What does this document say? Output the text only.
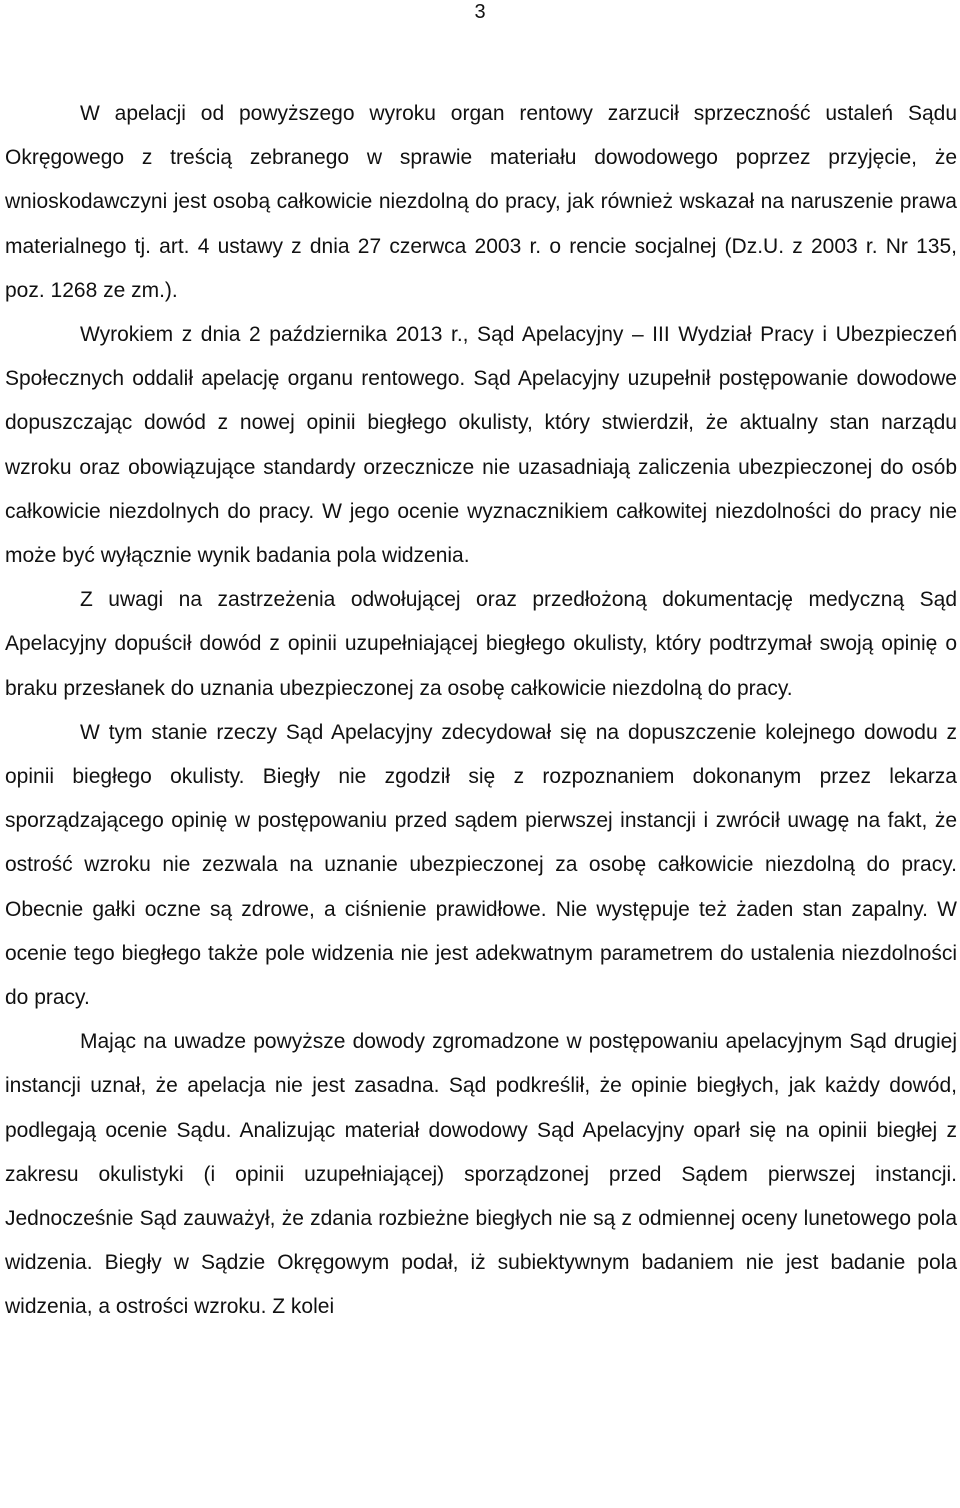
3

W apelacji od powyższego wyroku organ rentowy zarzucił sprzeczność ustaleń Sądu Okręgowego z treścią zebranego w sprawie materiału dowodowego poprzez przyjęcie, że wnioskodawczyni jest osobą całkowicie niezdolną do pracy, jak również wskazał na naruszenie prawa materialnego tj. art. 4 ustawy z dnia 27 czerwca 2003 r. o rencie socjalnej (Dz.U. z 2003 r. Nr 135, poz. 1268 ze zm.).

Wyrokiem z dnia 2 października 2013 r., Sąd Apelacyjny – III Wydział Pracy i Ubezpieczeń Społecznych oddalił apelację organu rentowego. Sąd Apelacyjny uzupełnił postępowanie dowodowe dopuszczając dowód z nowej opinii biegłego okulisty, który stwierdził, że aktualny stan narządu wzroku oraz obowiązujące standardy orzecznicze nie uzasadniają zaliczenia ubezpieczonej do osób całkowicie niezdolnych do pracy. W jego ocenie wyznacznikiem całkowitej niezdolności do pracy nie może być wyłącznie wynik badania pola widzenia.

Z uwagi na zastrzeżenia odwołującej oraz przedłożoną dokumentację medyczną Sąd Apelacyjny dopuścił dowód z opinii uzupełniającej biegłego okulisty, który podtrzymał swoją opinię o braku przesłanek do uznania ubezpieczonej za osobę całkowicie niezdolną do pracy.

W tym stanie rzeczy Sąd Apelacyjny zdecydował się na dopuszczenie kolejnego dowodu z opinii biegłego okulisty. Biegły nie zgodził się z rozpoznaniem dokonanym przez lekarza sporządzającego opinię w postępowaniu przed sądem pierwszej instancji i zwrócił uwagę na fakt, że ostrość wzroku nie zezwala na uznanie ubezpieczonej za osobę całkowicie niezdolną do pracy. Obecnie gałki oczne są zdrowe, a ciśnienie prawidłowe. Nie występuje też żaden stan zapalny. W ocenie tego biegłego także pole widzenia nie jest adekwatnym parametrem do ustalenia niezdolności do pracy.

Mając na uwadze powyższe dowody zgromadzone w postępowaniu apelacyjnym Sąd drugiej instancji uznał, że apelacja nie jest zasadna. Sąd podkreślił, że opinie biegłych, jak każdy dowód, podlegają ocenie Sądu. Analizując materiał dowodowy Sąd Apelacyjny oparł się na opinii biegłej z zakresu okulistyki (i opinii uzupełniającej) sporządzonej przed Sądem pierwszej instancji. Jednocześnie Sąd zauważył, że zdania rozbieżne biegłych nie są z odmiennej oceny lunetowego pola widzenia. Biegły w Sądzie Okręgowym podał, iż subiektywnym badaniem nie jest badanie pola widzenia, a ostrości wzroku. Z kolei
